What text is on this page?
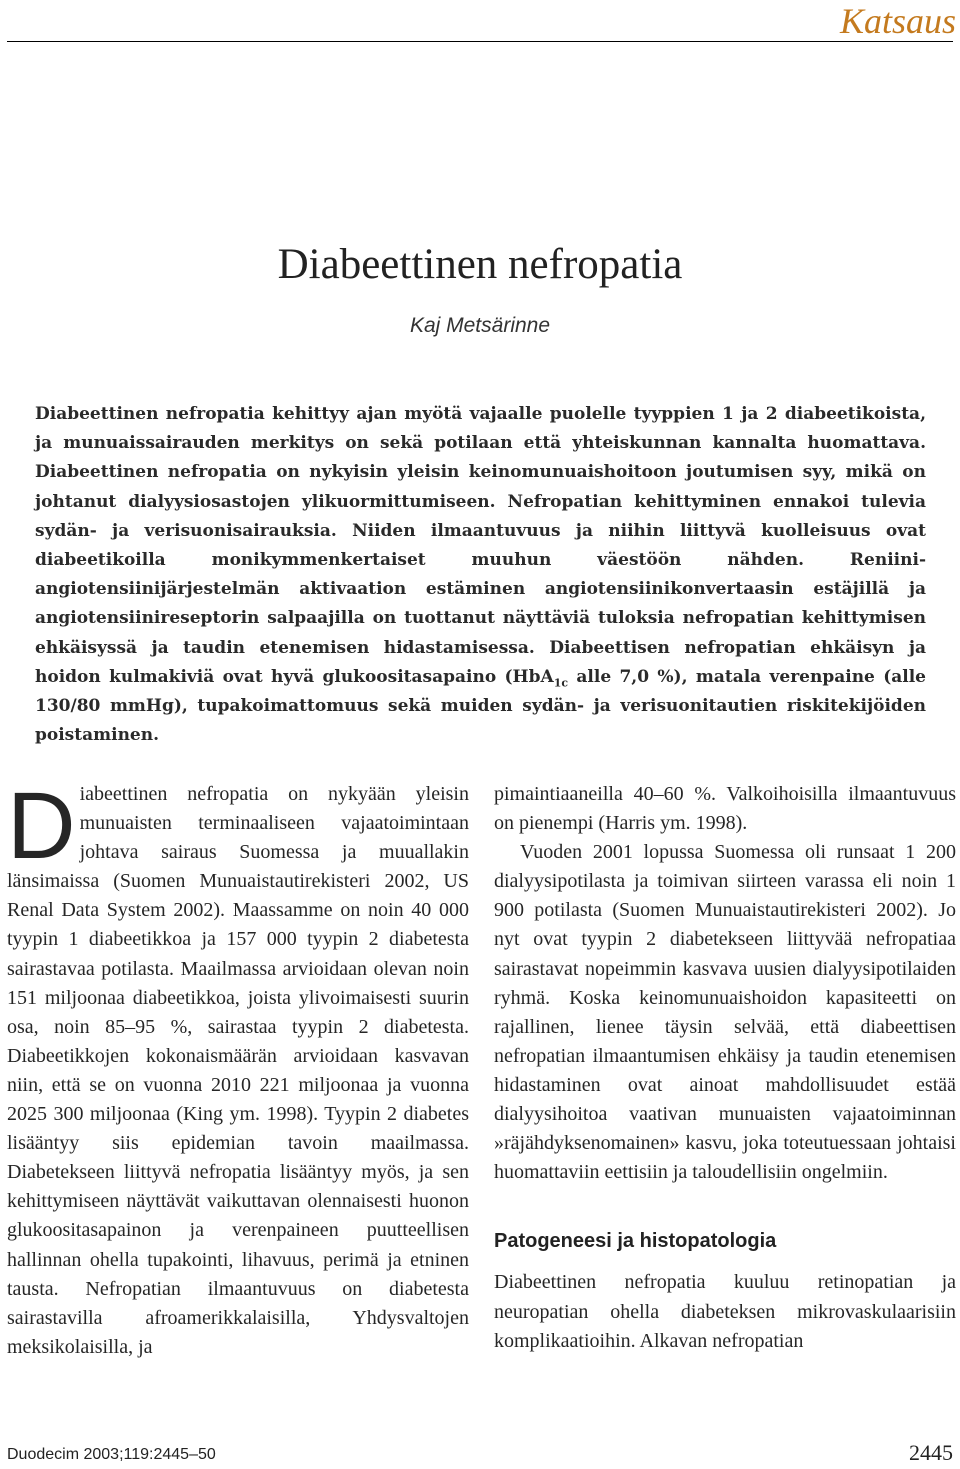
Katsaus
Diabeettinen nefropatia
Kaj Metsärinne

Diabeettinen nefropatia kehittyy ajan myötä vajaalle puolelle tyyppien 1 ja 2 diabeetikoista, ja munuaissairauden merkitys on sekä potilaan että yhteiskunnan kannalta huomattava. Diabeettinen nefropatia on nykyisin yleisin keinomunuaishoitoon joutumisen syy, mikä on johtanut dialyysiosastojen ylikuormittumiseen. Nefropatian kehittyminen ennakoi tulevia sydän- ja verisuonisairauksia. Niiden ilmaantuvuus ja niihin liittyvä kuolleisuus ovat diabeetikoilla monikymmenkertaiset muuhun väestöön nähden. Reniini-angiotensiinijärjestelmän aktivaation estäminen angiotensiinikonvertaasin estäjillä ja angiotensiinireseptorin salpaajilla on tuottanut näyttäviä tuloksia nefropatian kehittymisen ehkäisyssä ja taudin etenemisen hidastamisessa. Diabeettisen nefropatian ehkäisyn ja hoidon kulmakiviä ovat hyvä glukoositasapaino (HbA$_{1c}$ alle 7,0 %), matala verenpaine (alle 130/80 mmHg), tupakoimattomuus sekä muiden sydän- ja verisuonitautien riskitekijöiden poistaminen.

Diabeettinen nefropatia on nykyään yleisin munuaisten terminaaliseen vajaatoimintaan johtava sairaus Suomessa ja muuallakin länsimaissa (Suomen Munuaistautirekisteri 2002, US Renal Data System 2002). Maassamme on noin 40 000 tyypin 1 diabeetikkoa ja 157 000 tyypin 2 diabetesta sairastavaa potilasta. Maailmassa arvioidaan olevan noin 151 miljoonaa diabeetikkoa, joista ylivoimaisesti suurin osa, noin 85–95 %, sairastaa tyypin 2 diabetesta. Diabeetikkojen kokonaismäärän arvioidaan kasvavan niin, että se on vuonna 2010 221 miljoonaa ja vuonna 2025 300 miljoonaa (King ym. 1998). Tyypin 2 diabetes lisääntyy siis epidemian tavoin maailmassa. Diabetekseen liittyvä nefropatia lisääntyy myös, ja sen kehittymiseen näyttävät vaikuttavan olennaisesti huonon glukoositasapainon ja verenpaineen puutteellisen hallinnan ohella tupakointi, lihavuus, perimä ja etninen tausta. Nefropatian ilmaantuvuus on diabetesta sairastavilla afroamerikkalaisilla, Yhdysvaltojen meksikolaisilla, ja

pimaintiaaneilla 40–60 %. Valkoihoisilla ilmaantuvuus on pienempi (Harris ym. 1998).

Vuoden 2001 lopussa Suomessa oli runsaat 1 200 dialyysipotilasta ja toimivan siirteen varassa eli noin 1 900 potilasta (Suomen Munuaistautirekisteri 2002). Jo nyt ovat tyypin 2 diabetekseen liittyvää nefropatiaa sairastavat nopeimmin kasvava uusien dialyysipotilaiden ryhmä. Koska keinomunuaishoidon kapasiteetti on rajallinen, lienee täysin selvää, että diabeettisen nefropatian ilmaantumisen ehkäisy ja taudin etenemisen hidastaminen ovat ainoat mahdollisuudet estää dialyysihoitoa vaativan munuaisten vajaatoiminnan »räjähdyksenomainen» kasvu, joka toteutuessaan johtaisi huomattaviin eettisiin ja taloudellisiin ongelmiin.

Patogeneesi ja histopatologia

Diabeettinen nefropatia kuuluu retinopatian ja neuropatian ohella diabeteksen mikrovaskulaarisiin komplikaatioihin. Alkavan nefropatian

Duodecim 2003;119:2445–50	2445
